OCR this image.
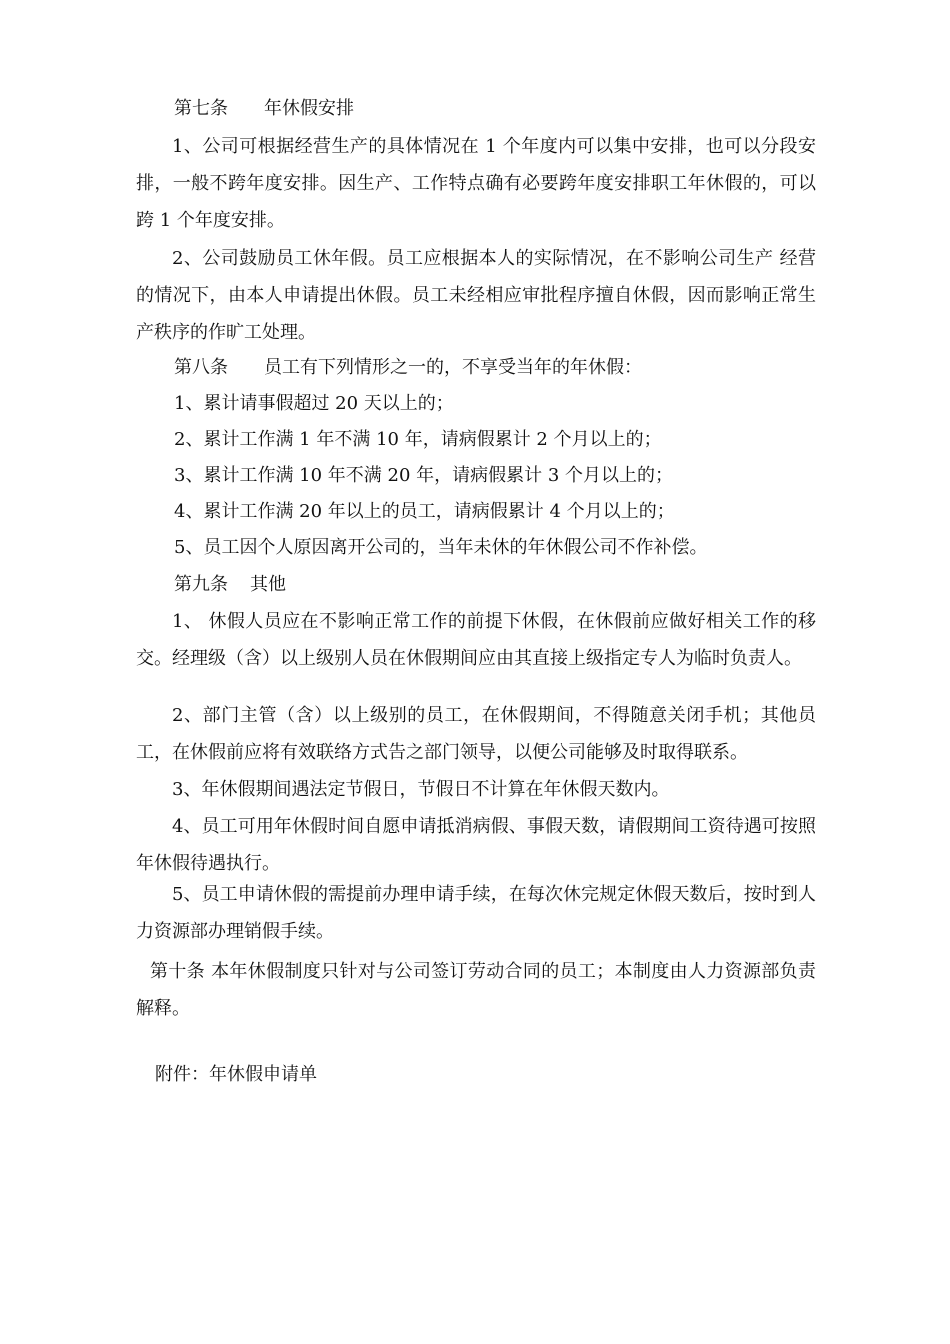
第七条 年休假安排
1、公司可根据经营生产的具体情况在 1 个年度内可以集中安排，也可以分段安排，一般不跨年度安排。因生产、工作特点确有必要跨年度安排职工年休假的，可以跨 1 个年度安排。
2、公司鼓励员工休年假。员工应根据本人的实际情况，在不影响公司生产 经营的情况下，由本人申请提出休假。员工未经相应审批程序擅自休假，因而影响正常生产秩序的作旷工处理。
第八条 员工有下列情形之一的，不享受当年的年休假：
1、累计请事假超过 20 天以上的；
2、累计工作满 1 年不满 10 年，请病假累计 2 个月以上的；
3、累计工作满 10 年不满 20 年，请病假累计 3 个月以上的；
4、累计工作满 20 年以上的员工，请病假累计 4 个月以上的；
5、员工因个人原因离开公司的，当年未休的年休假公司不作补偿。
第九条 其他
1、 休假人员应在不影响正常工作的前提下休假，在休假前应做好相关工作的移交。经理级（含）以上级别人员在休假期间应由其直接上级指定专人为临时负责人。
2、部门主管（含）以上级别的员工，在休假期间，不得随意关闭手机；其他员工，在休假前应将有效联络方式告之部门领导，以便公司能够及时取得联系。
3、年休假期间遇法定节假日，节假日不计算在年休假天数内。
4、员工可用年休假时间自愿申请抵消病假、事假天数，请假期间工资待遇可按照年休假待遇执行。
5、员工申请休假的需提前办理申请手续，在每次休完规定休假天数后，按时到人力资源部办理销假手续。
第十条 本年休假制度只针对与公司签订劳动合同的员工；本制度由人力资源部负责解释。
附件：年休假申请单
